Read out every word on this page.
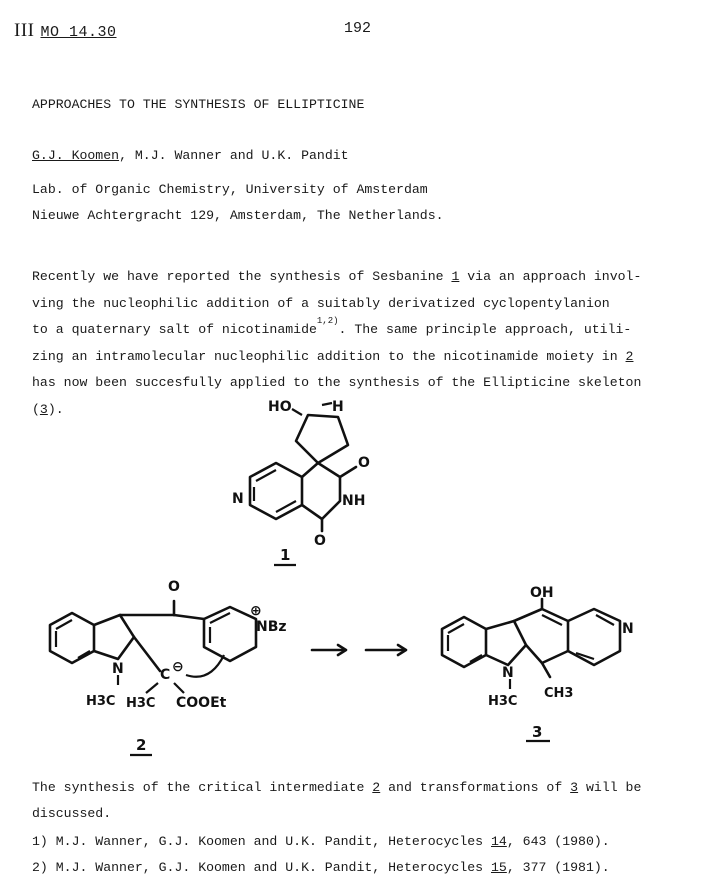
III MO 14.30	192
APPROACHES TO THE SYNTHESIS OF ELLIPTICINE
G.J. Koomen, M.J. Wanner and U.K. Pandit
Lab. of Organic Chemistry, University of Amsterdam
Nieuwe Achtergracht 129, Amsterdam, The Netherlands.
Recently we have reported the synthesis of Sesbanine 1 via an approach invol-
ving the nucleophilic addition of a suitably derivatized cyclopentylanion
to a quaternary salt of nicotinamide$^{1,2)}$. The same principle approach, utili-
zing an intramolecular nucleophilic addition to the nicotinamide moiety in 2
has now been succesfully applied to the synthesis of the Ellipticine skeleton
(3).	HO	H
N
O
NH
O
1
N
H3C
O
NBz
⊕
C ⊖
H3C COOEt
2
N
H3C
OH
CH3
N
3
The synthesis of the critical intermediate 2 and transformations of 3 will be
discussed.
1) M.J. Wanner, G.J. Koomen and U.K. Pandit, Heterocycles 14, 643 (1980).
2) M.J. Wanner, G.J. Koomen and U.K. Pandit, Heterocycles 15, 377 (1981).
